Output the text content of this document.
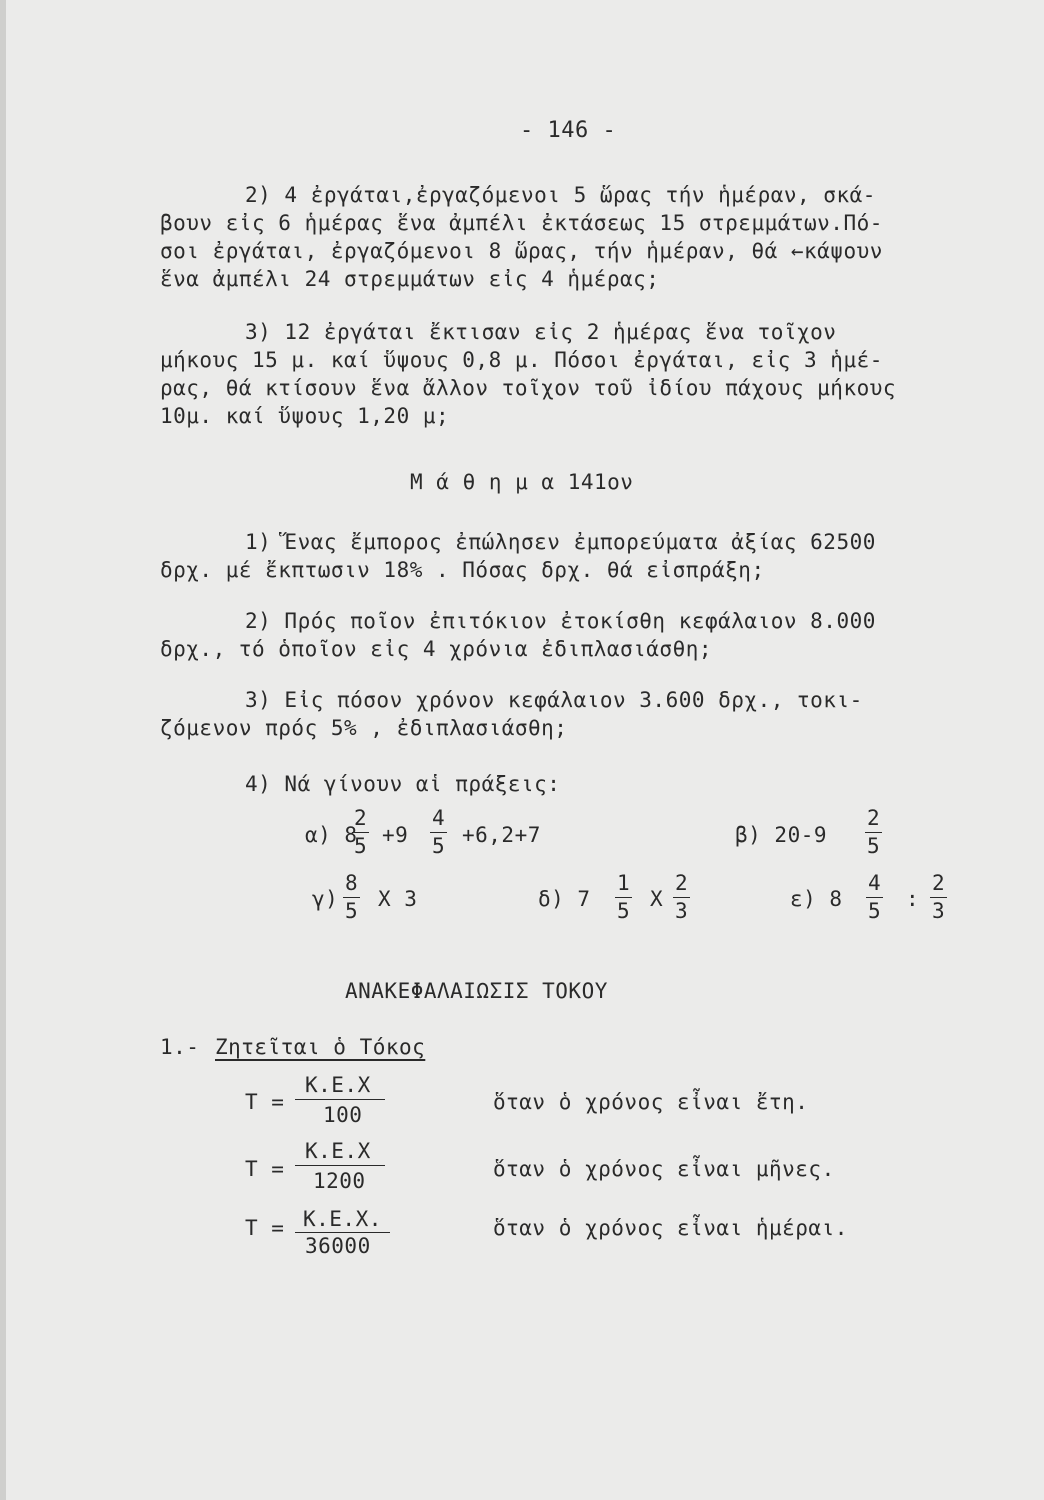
- 146 -
2) 4 ἐργάται,ἐργαζόμενοι 5 ὥρας τήν ἡμέραν, σκά-
βουν εἰς 6 ἡμέρας ἕνα ἀμπέλι ἐκτάσεως 15 στρεμμάτων.Πό-
σοι ἐργάται, ἐργαζόμενοι 8 ὥρας, τήν ἡμέραν, θά ←κάψουν
ἕνα ἀμπέλι 24 στρεμμάτων εἰς 4 ἡμέρας;
3) 12 ἐργάται ἔκτισαν εἰς 2 ἡμέρας ἕνα τοῖχον
μήκους 15 μ. καί ὕψους 0,8 μ. Πόσοι ἐργάται, εἰς 3 ἡμέ-
ρας, θά κτίσουν ἕνα ἄλλον τοῖχον τοῦ ἰδίου πάχους μήκους
10μ. καί ὕψους 1,20 μ;
Μ ά θ η μ α 141ον
1) Ἕνας ἔμπορος ἐπώλησεν ἐμπορεύματα ἀξίας 62500
δρχ. μέ ἔκπτωσιν 18% . Πόσας δρχ. θά εἰσπράξη;
2) Πρός ποῖον ἐπιτόκιον ἐτοκίσθη κεφάλαιον 8.000
δρχ., τό ὁποῖον εἰς 4 χρόνια ἐδιπλασιάσθη;
3) Εἰς πόσον χρόνον κεφάλαιον 3.600 δρχ., τοκι-
ζόμενον πρός 5% , ἐδιπλασιάσθη;
4) Νά γίνουν αἱ πράξεις:
α) 8
$\frac{2}{5} +9 \frac{4}{5} +6,2+7$	β) $20-9 \frac{2}{5}$
$\gamma) \frac{8}{5}$ X 3	δ) $7 \frac{1}{5}$ X $\frac{2}{3}$	ε) $8 \frac{4}{5}$ : $\frac{2}{3}$
ΑΝΑΚΕΦΑΛΑΙΩΣΙΣ ΤΟΚΟΥ
1.- Ζητεῖται ὁ Τόκος
Τ =
Κ.Ε.Χ
100
ὅταν ὁ χρόνος εἶναι ἔτη.
Τ =
Κ.Ε.Χ
1200	ὅταν ὁ χρόνος εἶναι μῆνες.
Τ = Κ.Ε.Χ.
36000
ὅταν ὁ χρόνος εἶναι ἡμέραι.
